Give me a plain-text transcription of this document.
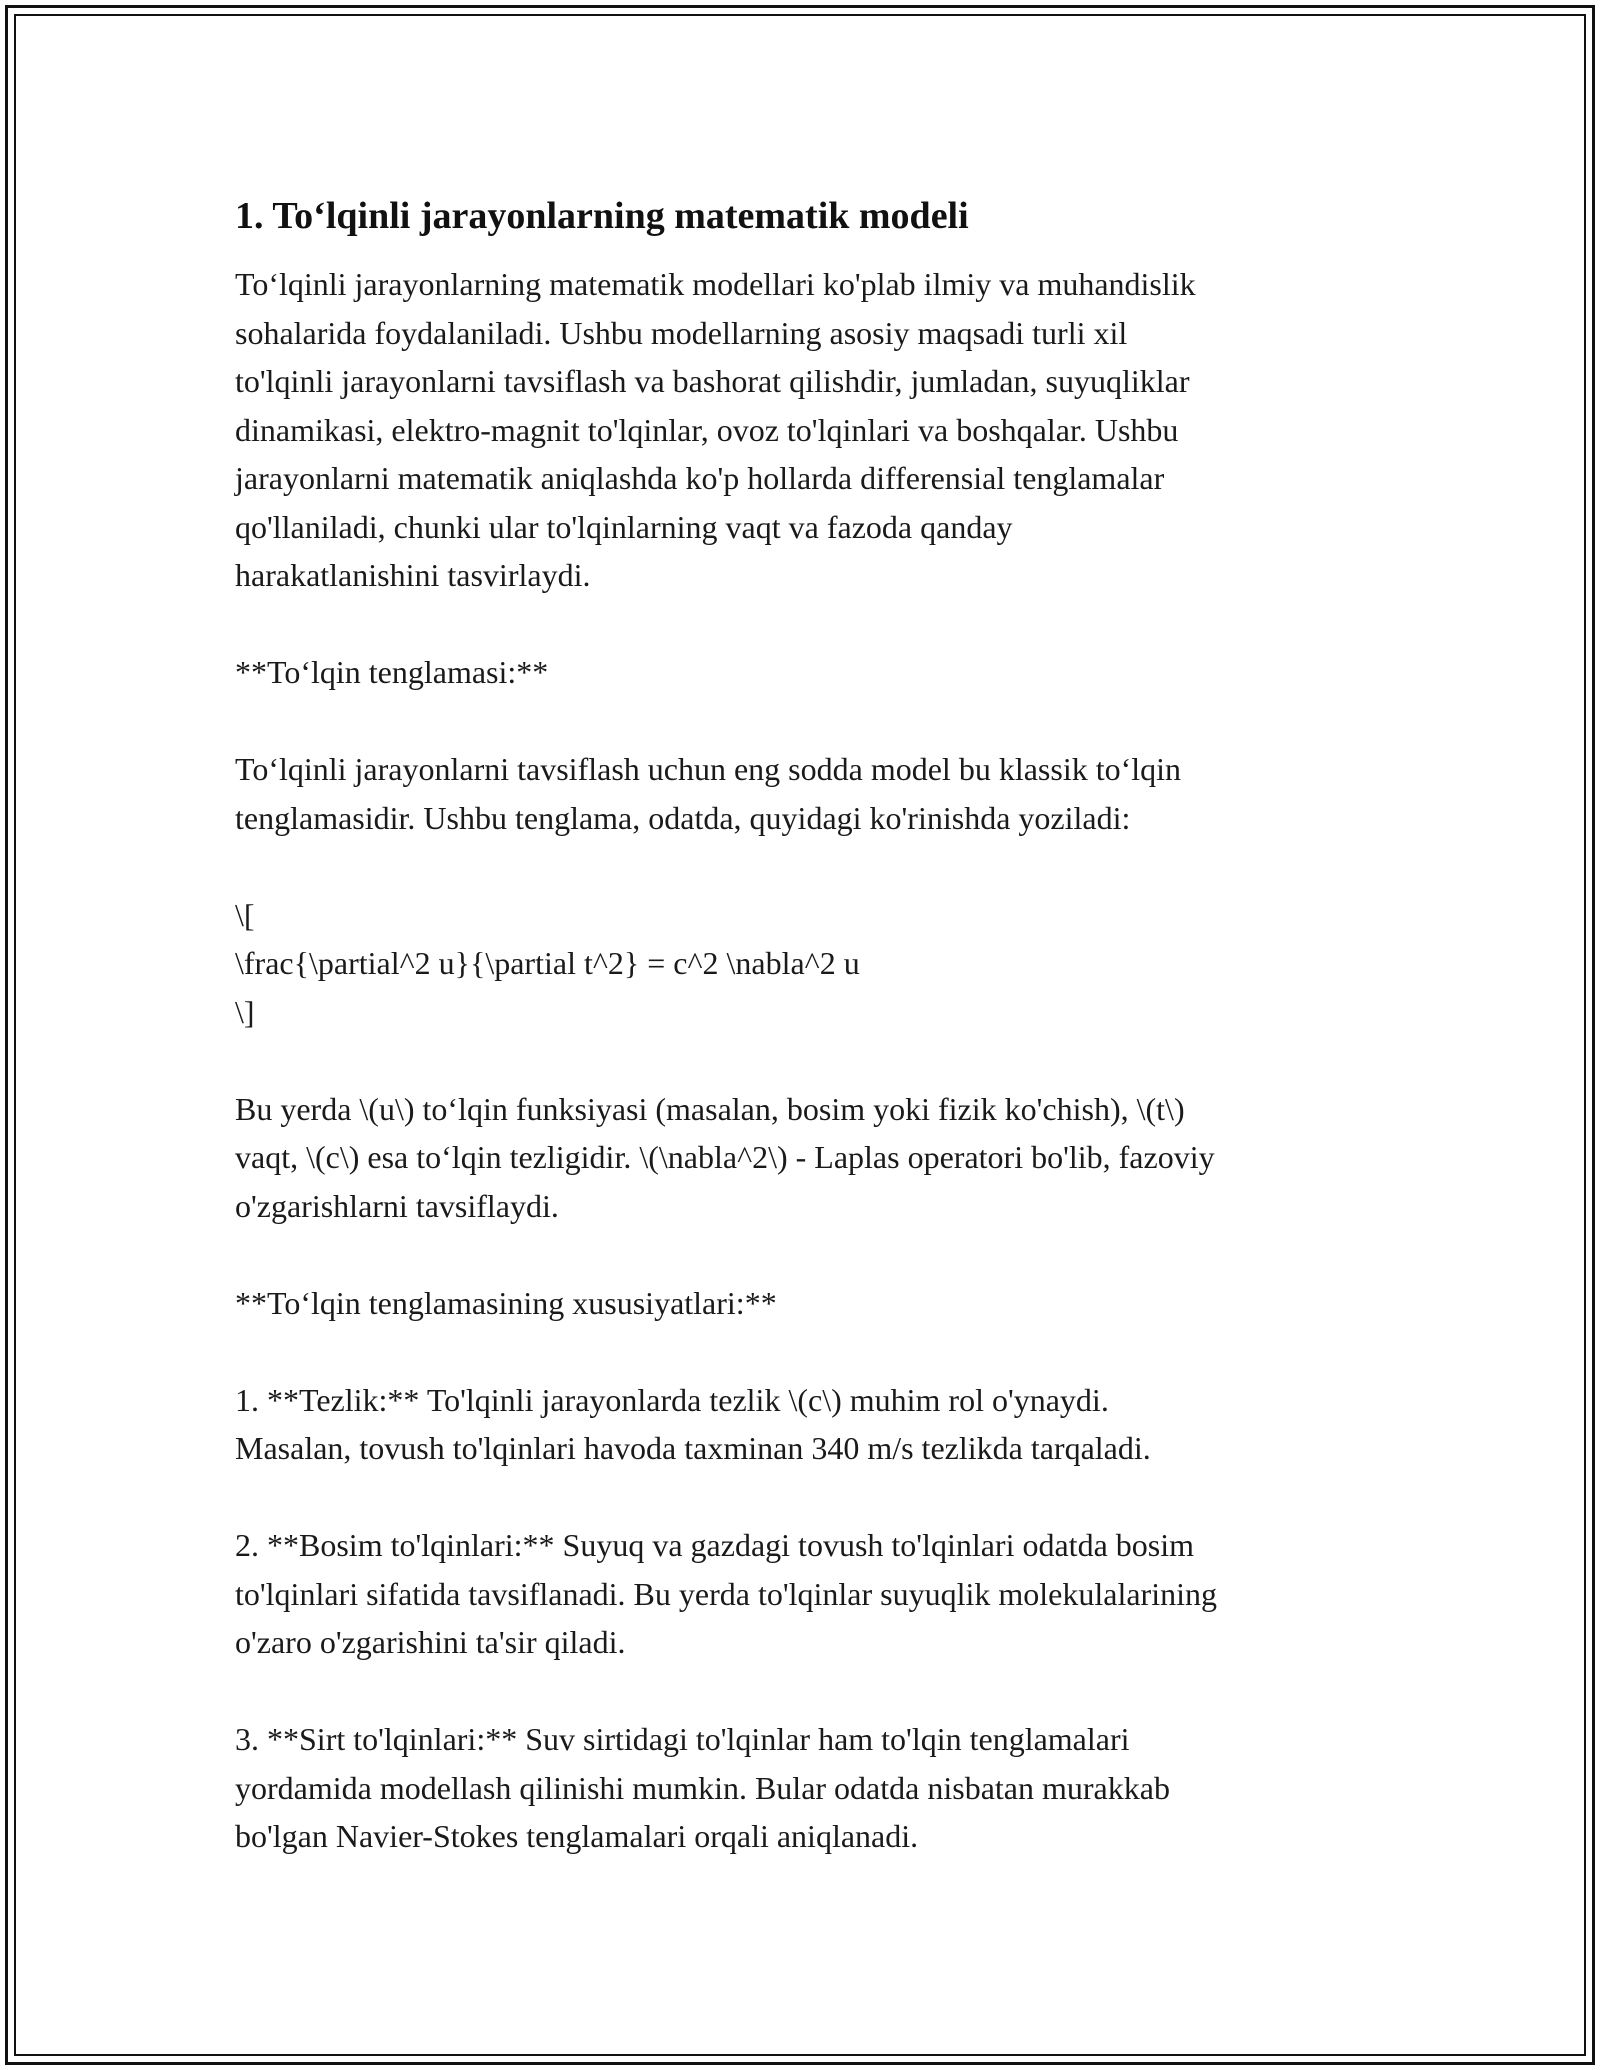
1. To‘lqinli jarayonlarning matematik modeli

To‘lqinli jarayonlarning matematik modellari ko'plab ilmiy va muhandislik
sohalarida foydalaniladi. Ushbu modellarning asosiy maqsadi turli xil
to'lqinli jarayonlarni tavsiflash va bashorat qilishdir, jumladan, suyuqliklar
dinamikasi, elektro-magnit to'lqinlar, ovoz to'lqinlari va boshqalar. Ushbu
jarayonlarni matematik aniqlashda ko'p hollarda differensial tenglamalar
qo'llaniladi, chunki ular to'lqinlarning vaqt va fazoda qanday
harakatlanishini tasvirlaydi.

**To‘lqin tenglamasi:**

To‘lqinli jarayonlarni tavsiflash uchun eng sodda model bu klassik to‘lqin
tenglamasidir. Ushbu tenglama, odatda, quyidagi ko'rinishda yoziladi:

\[
\frac{\partial^2 u}{\partial t^2} = c^2 \nabla^2 u
\]

Bu yerda \(u\) to‘lqin funksiyasi (masalan, bosim yoki fizik ko'chish), \(t\)
vaqt, \(c\) esa to‘lqin tezligidir. \(\nabla^2\) - Laplas operatori bo'lib, fazoviy
o'zgarishlarni tavsiflaydi.

**To‘lqin tenglamasining xususiyatlari:**

1. **Tezlik:** To'lqinli jarayonlarda tezlik \(c\) muhim rol o'ynaydi.
Masalan, tovush to'lqinlari havoda taxminan 340 m/s tezlikda tarqaladi.

2. **Bosim to'lqinlari:** Suyuq va gazdagi tovush to'lqinlari odatda bosim
to'lqinlari sifatida tavsiflanadi. Bu yerda to'lqinlar suyuqlik molekulalarining
o'zaro o'zgarishini ta'sir qiladi.

3. **Sirt to'lqinlari:** Suv sirtidagi to'lqinlar ham to'lqin tenglamalari
yordamida modellash qilinishi mumkin. Bular odatda nisbatan murakkab
bo'lgan Navier-Stokes tenglamalari orqali aniqlanadi.
